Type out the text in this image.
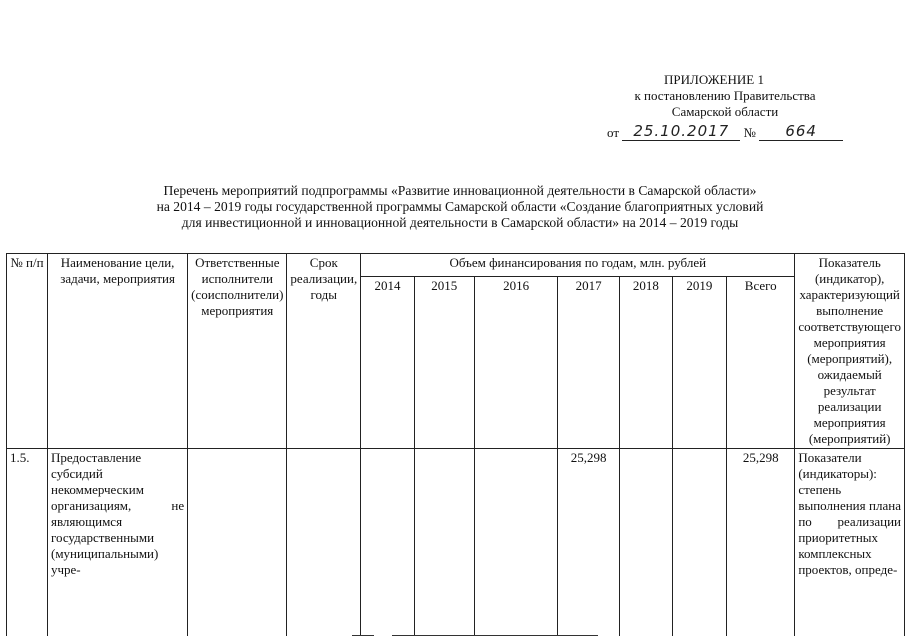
ПРИЛОЖЕНИЕ 1
к постановлению Правительства
Самарской области
от 25.10.2017 № 664
Перечень мероприятий подпрограммы «Развитие инновационной деятельности в Самарской области»
на 2014 – 2019 годы государственной программы Самарской области «Создание благоприятных условий
для инвестиционной и инновационной деятельности в Самарской области» на 2014 – 2019 годы
№ п/п	Наименование цели, задачи, мероприятия	Ответственные исполнители (соисполнители) мероприятия	Срок реализации, годы	Объем финансирования по годам, млн. рублей							Показатель (индикатор), характеризующий выполнение соответствующего мероприятия (мероприятий), ожидаемый результат реализации мероприятия (мероприятий)
				2014	2015	2016	2017	2018	2019	Всего	
1.5.	Предоставление субсидий некоммерческим организациям, не являющимся государственными (муниципальными) учре-						25,298			25,298	Показатели (индикаторы): степень выполнения плана по реализации приоритетных комплексных проектов, опреде-
